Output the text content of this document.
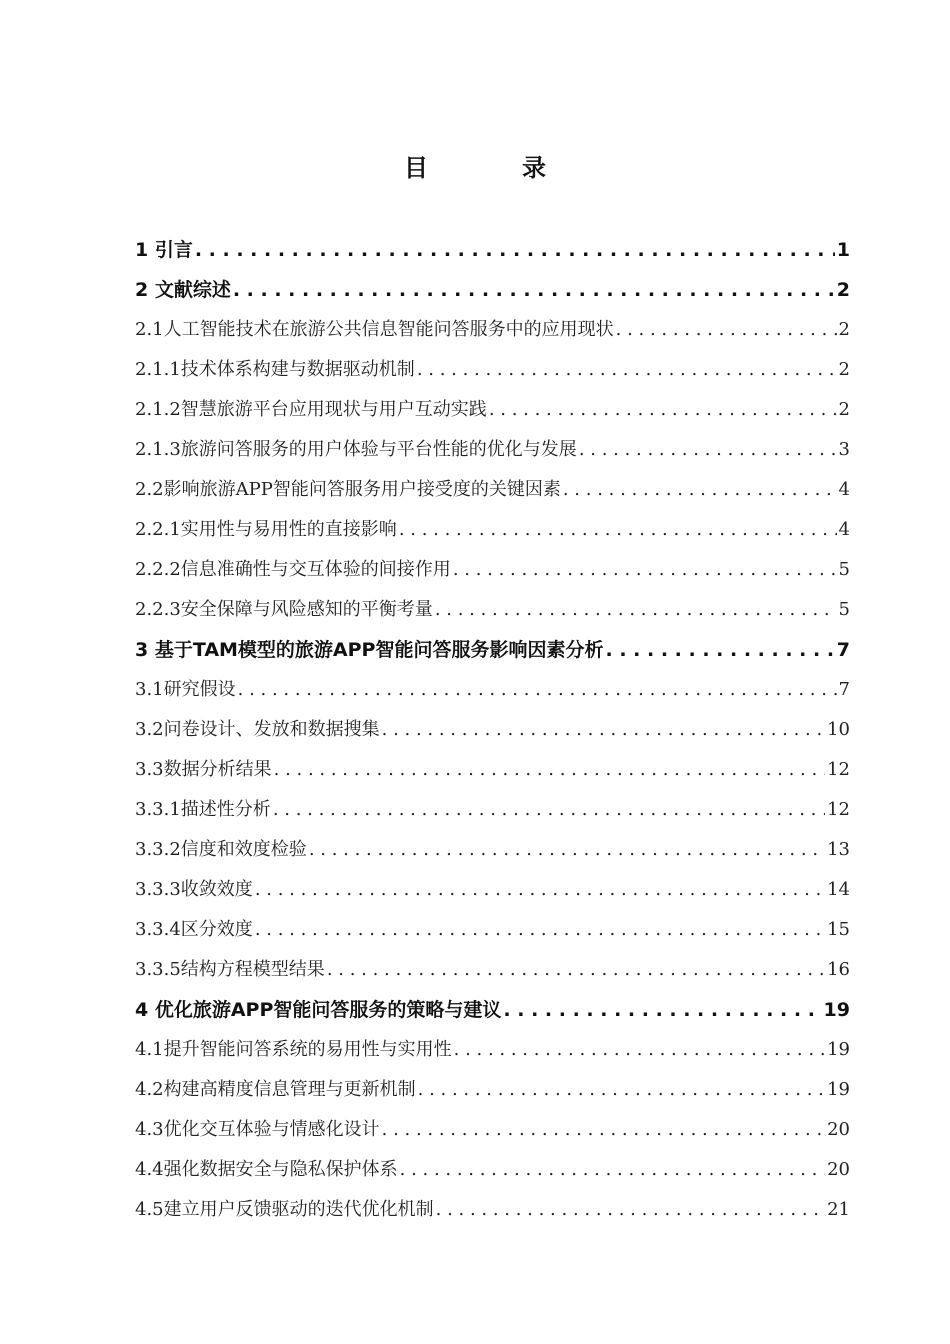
目	录
1 引言 . . .	1
2 文献综述 . . .	2
2.1人工智能技术在旅游公共信息智能问答服务中的应用现状 . . .	2
2.1.1技术体系构建与数据驱动机制 . . .	2
2.1.2智慧旅游平台应用现状与用户互动实践 . . .	2
2.1.3旅游问答服务的用户体验与平台性能的优化与发展 . . .	3
2.2影响旅游APP智能问答服务用户接受度的关键因素 . . .	4
2.2.1实用性与易用性的直接影响 . . .	4
2.2.2信息准确性与交互体验的间接作用 . . .	5
2.2.3安全保障与风险感知的平衡考量 . . .	5
3 基于TAM模型的旅游APP智能问答服务影响因素分析 . . .	7
3.1研究假设 . . .	7
3.2问卷设计、发放和数据搜集 . . .	10
3.3数据分析结果 . . .	12
3.3.1描述性分析 . . .	12
3.3.2信度和效度检验 . . .	13
3.3.3收敛效度 . . .	14
3.3.4区分效度 . . .	15
3.3.5结构方程模型结果 . . .	16
4 优化旅游APP智能问答服务的策略与建议 . . .	19
4.1提升智能问答系统的易用性与实用性 . . .	19
4.2构建高精度信息管理与更新机制 . . .	19
4.3优化交互体验与情感化设计 . . .	20
4.4强化数据安全与隐私保护体系 . . .	20
4.5建立用户反馈驱动的迭代优化机制 . . .	21
